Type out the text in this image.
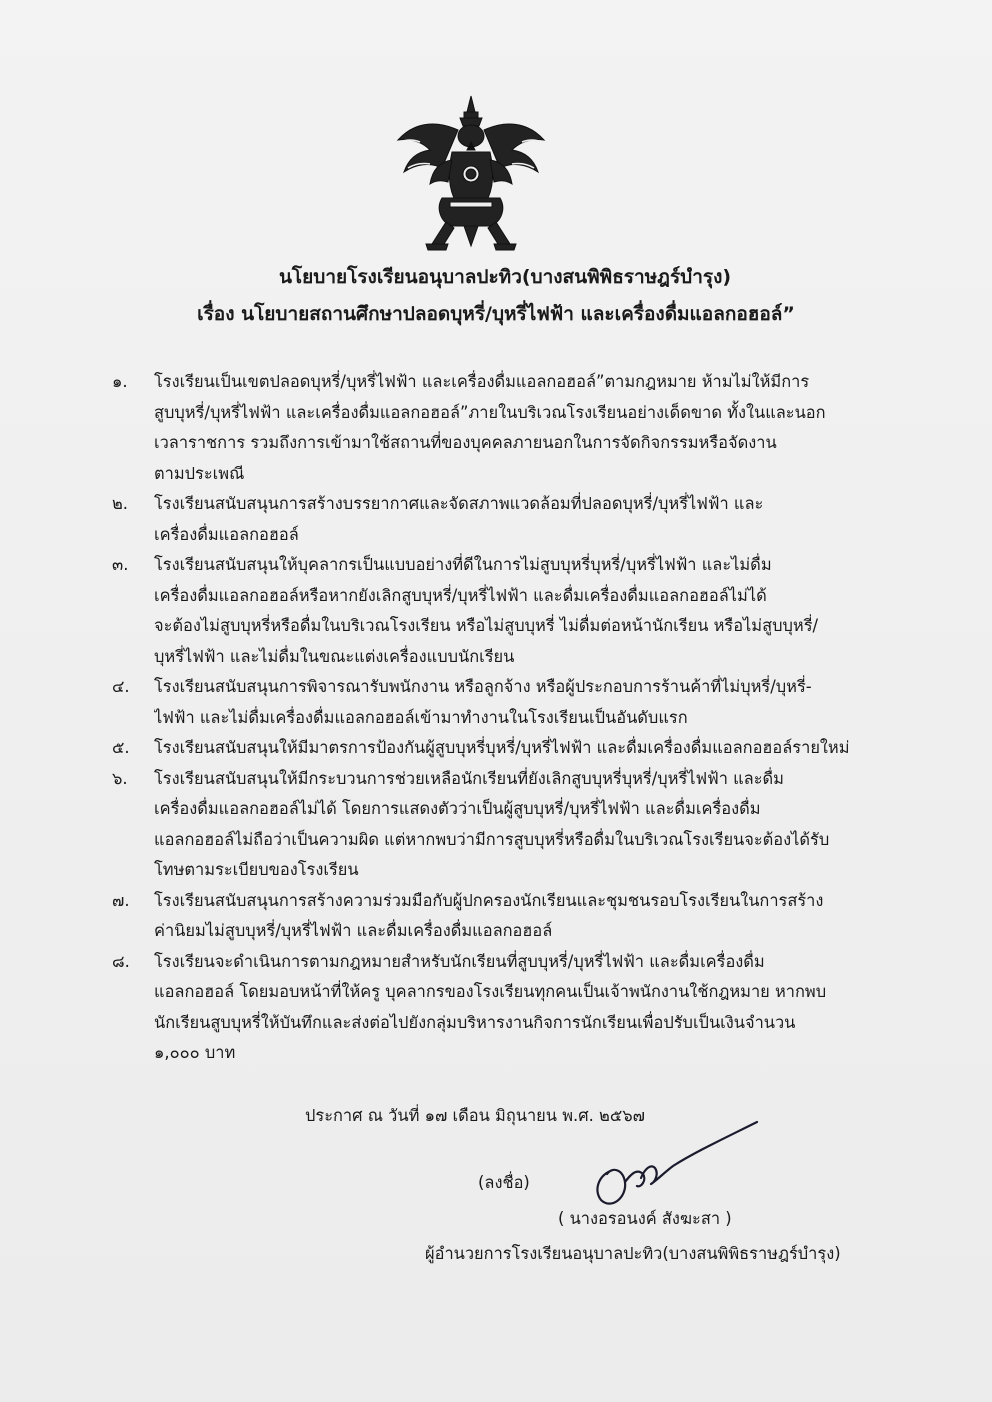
นโยบายโรงเรียนอนุบาลปะทิว(บางสนพิพิธราษฎร์บำรุง)
เรื่อง นโยบายสถานศึกษาปลอดบุหรี่/บุหรี่ไฟฟ้า และเครื่องดื่มแอลกอฮอล์”
๑.	โรงเรียนเป็นเขตปลอดบุหรี่/บุหรี่ไฟฟ้า และเครื่องดื่มแอลกอฮอล์”ตามกฎหมาย ห้ามไม่ให้มีการ
สูบบุหรี่/บุหรี่ไฟฟ้า และเครื่องดื่มแอลกอฮอล์”ภายในบริเวณโรงเรียนอย่างเด็ดขาด ทั้งในและนอก
เวลาราชการ รวมถึงการเข้ามาใช้สถานที่ของบุคคลภายนอกในการจัดกิจกรรมหรือจัดงาน
ตามประเพณี
๒.	โรงเรียนสนับสนุนการสร้างบรรยากาศและจัดสภาพแวดล้อมที่ปลอดบุหรี่/บุหรี่ไฟฟ้า และ
เครื่องดื่มแอลกอฮอล์
๓.	โรงเรียนสนับสนุนให้บุคลากรเป็นแบบอย่างที่ดีในการไม่สูบบุหรี่บุหรี่/บุหรี่ไฟฟ้า และไม่ดื่ม
เครื่องดื่มแอลกอฮอล์หรือหากยังเลิกสูบบุหรี่/บุหรี่ไฟฟ้า และดื่มเครื่องดื่มแอลกอฮอล์ไม่ได้
จะต้องไม่สูบบุหรี่หรือดื่มในบริเวณโรงเรียน หรือไม่สูบบุหรี่ ไม่ดื่มต่อหน้านักเรียน หรือไม่สูบบุหรี่/
บุหรี่ไฟฟ้า และไม่ดื่มในขณะแต่งเครื่องแบบนักเรียน
๔.	โรงเรียนสนับสนุนการพิจารณารับพนักงาน หรือลูกจ้าง หรือผู้ประกอบการร้านค้าที่ไม่บุหรี่/บุหรี่-
ไฟฟ้า และไม่ดื่มเครื่องดื่มแอลกอฮอล์เข้ามาทำงานในโรงเรียนเป็นอันดับแรก
๕.	โรงเรียนสนับสนุนให้มีมาตรการป้องกันผู้สูบบุหรี่บุหรี่/บุหรี่ไฟฟ้า และดื่มเครื่องดื่มแอลกอฮอล์รายใหม่
๖.	โรงเรียนสนับสนุนให้มีกระบวนการช่วยเหลือนักเรียนที่ยังเลิกสูบบุหรี่บุหรี่/บุหรี่ไฟฟ้า และดื่ม
เครื่องดื่มแอลกอฮอล์ไม่ได้ โดยการแสดงตัวว่าเป็นผู้สูบบุหรี่/บุหรี่ไฟฟ้า และดื่มเครื่องดื่ม
แอลกอฮอล์ไม่ถือว่าเป็นความผิด แต่หากพบว่ามีการสูบบุหรี่หรือดื่มในบริเวณโรงเรียนจะต้องได้รับ
โทษตามระเบียบของโรงเรียน
๗.	โรงเรียนสนับสนุนการสร้างความร่วมมือกับผู้ปกครองนักเรียนและชุมชนรอบโรงเรียนในการสร้าง
ค่านิยมไม่สูบบุหรี่/บุหรี่ไฟฟ้า และดื่มเครื่องดื่มแอลกอฮอล์
๘.	โรงเรียนจะดำเนินการตามกฎหมายสำหรับนักเรียนที่สูบบุหรี่/บุหรี่ไฟฟ้า และดื่มเครื่องดื่ม
แอลกอฮอล์ โดยมอบหน้าที่ให้ครู บุคลากรของโรงเรียนทุกคนเป็นเจ้าพนักงานใช้กฎหมาย หากพบ
นักเรียนสูบบุหรี่ให้บันทึกและส่งต่อไปยังกลุ่มบริหารงานกิจการนักเรียนเพื่อปรับเป็นเงินจำนวน
๑,๐๐๐ บาท
ประกาศ ณ วันที่ ๑๗ เดือน มิถุนายน พ.ศ. ๒๕๖๗
(ลงชื่อ)
( นางอรอนงค์ สังฆะสา )
ผู้อำนวยการโรงเรียนอนุบาลปะทิว(บางสนพิพิธราษฎร์บำรุง)
